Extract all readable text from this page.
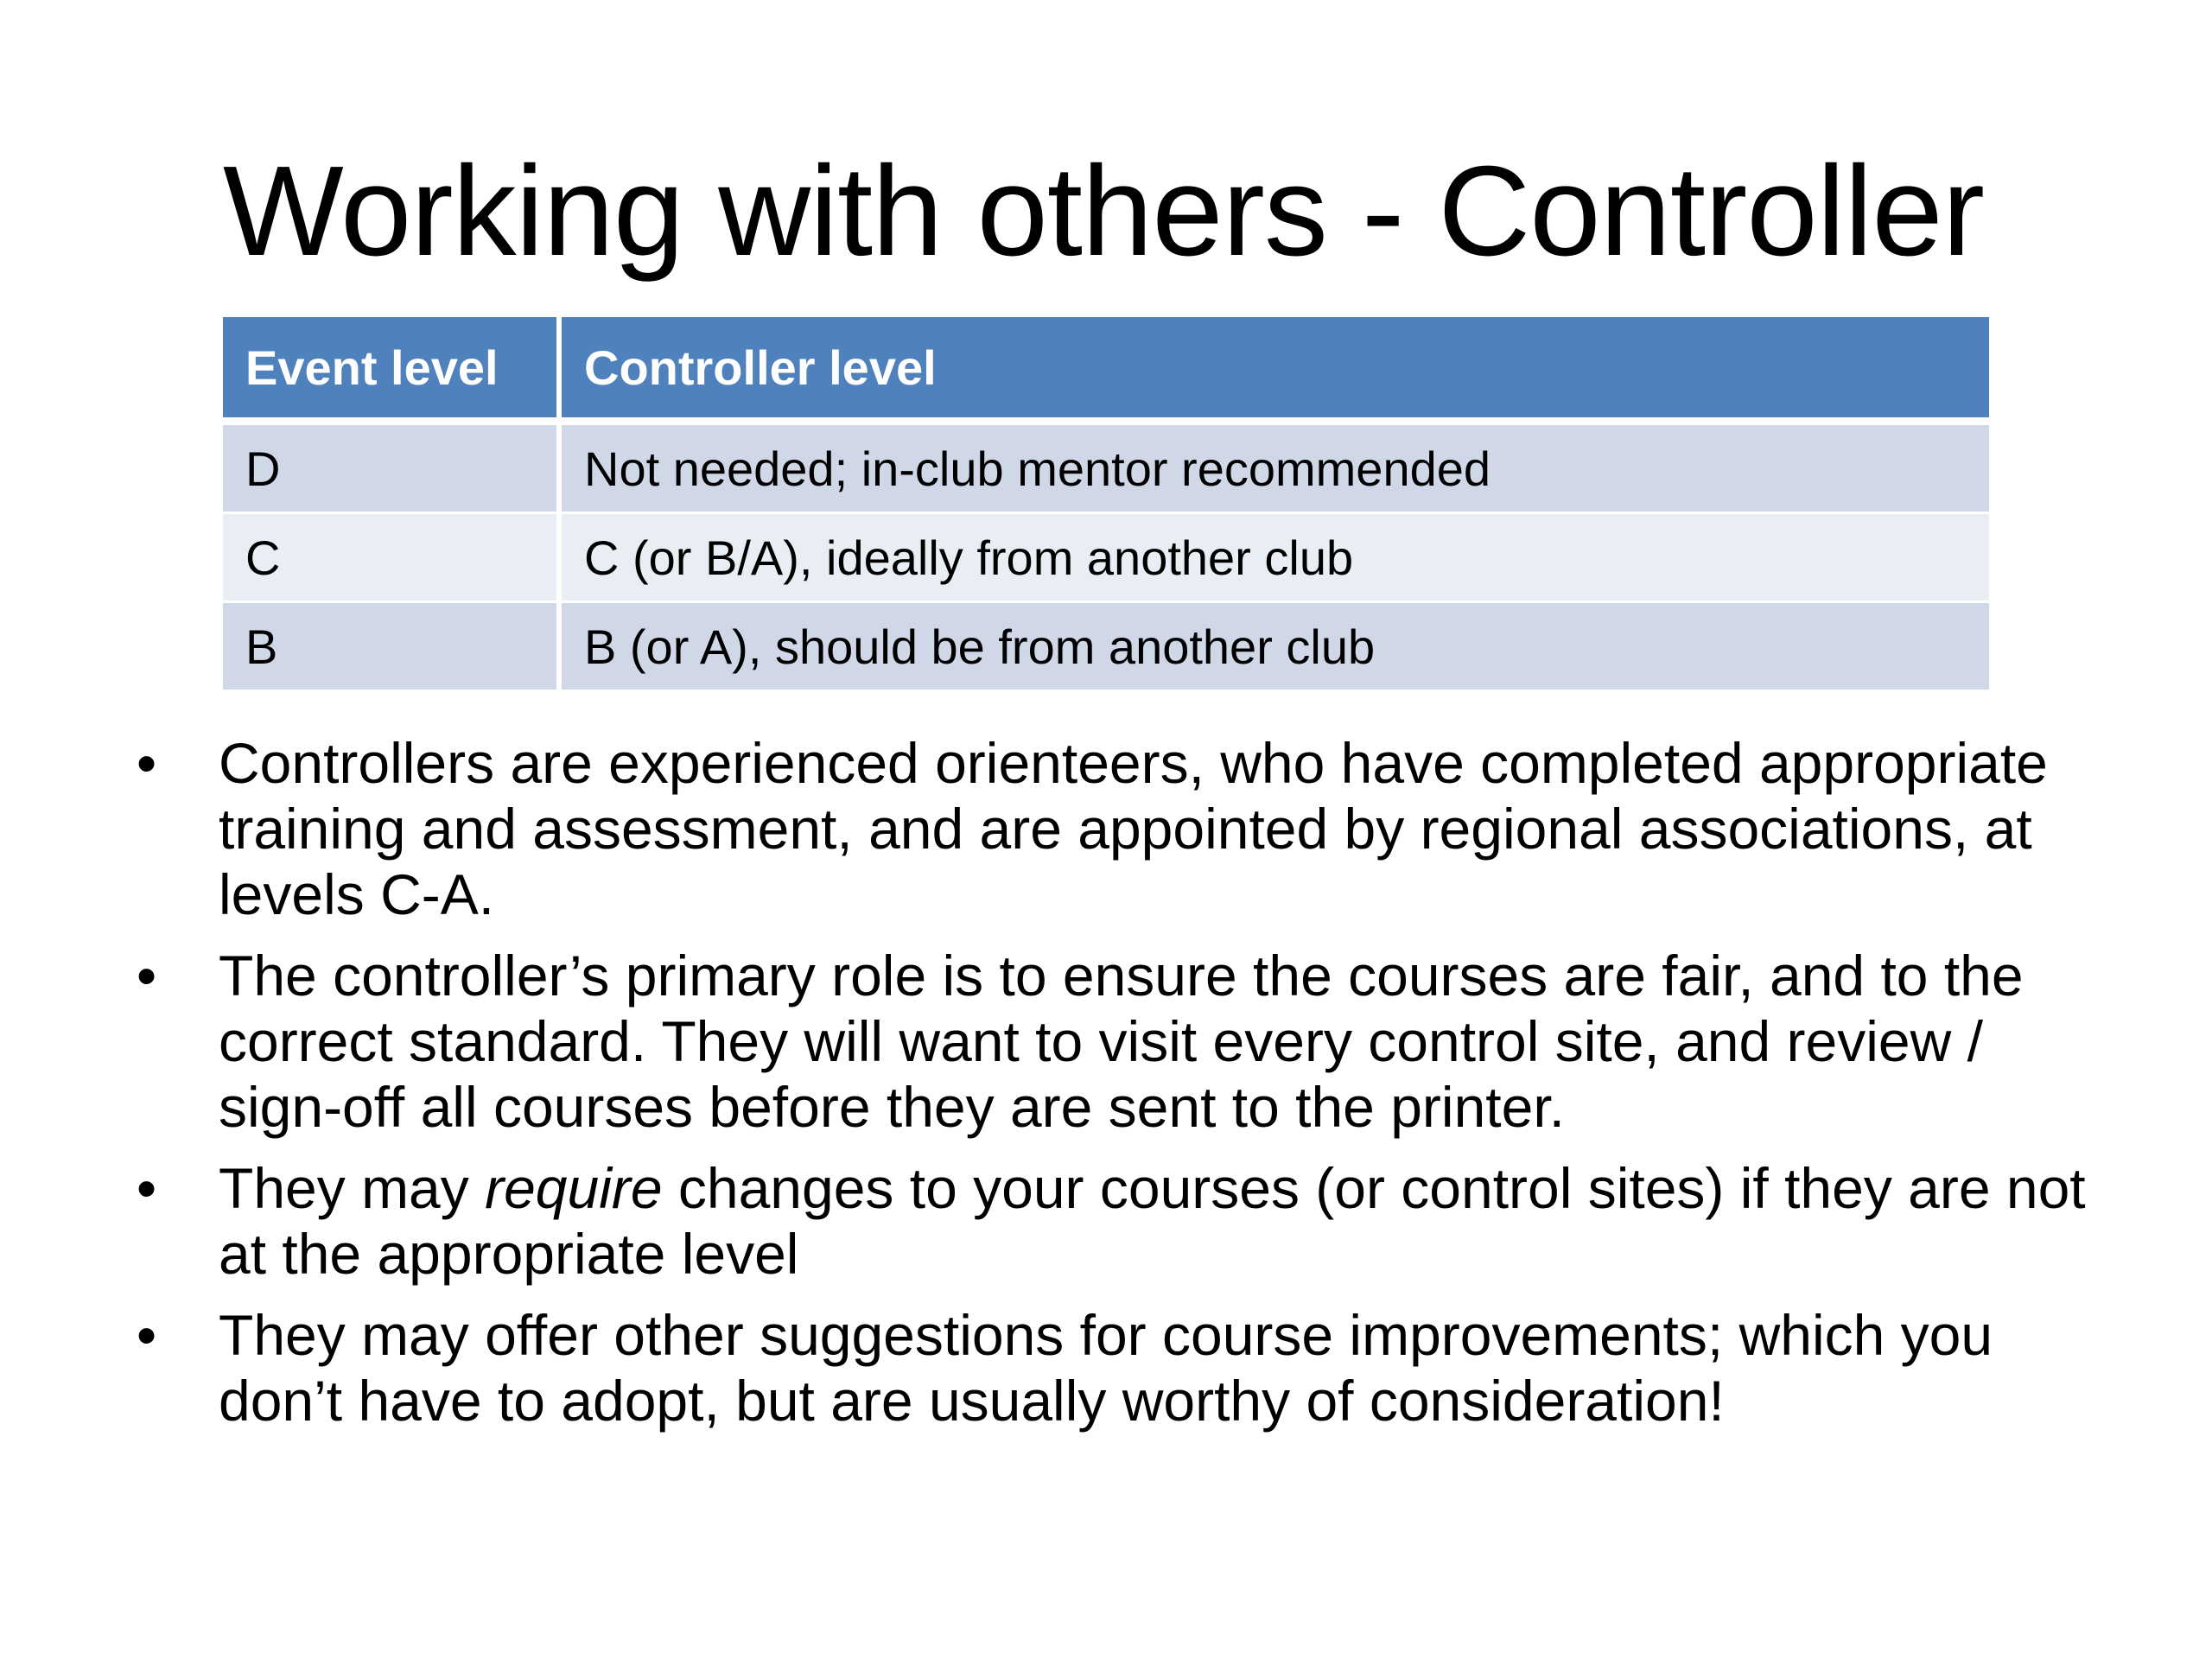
Working with others - Controller
Event level	Controller level
D	Not needed; in-club mentor recommended
C	C (or B/A), ideally from another club
B	B (or A), should be from another club
• Controllers are experienced orienteers, who have completed appropriate training and assessment, and are appointed by regional associations, at levels C-A.
• The controller’s primary role is to ensure the courses are fair, and to the correct standard. They will want to visit every control site, and review / sign-off all courses before they are sent to the printer.
• They may require changes to your courses (or control sites) if they are not at the appropriate level
• They may offer other suggestions for course improvements; which you don’t have to adopt, but are usually worthy of consideration!
